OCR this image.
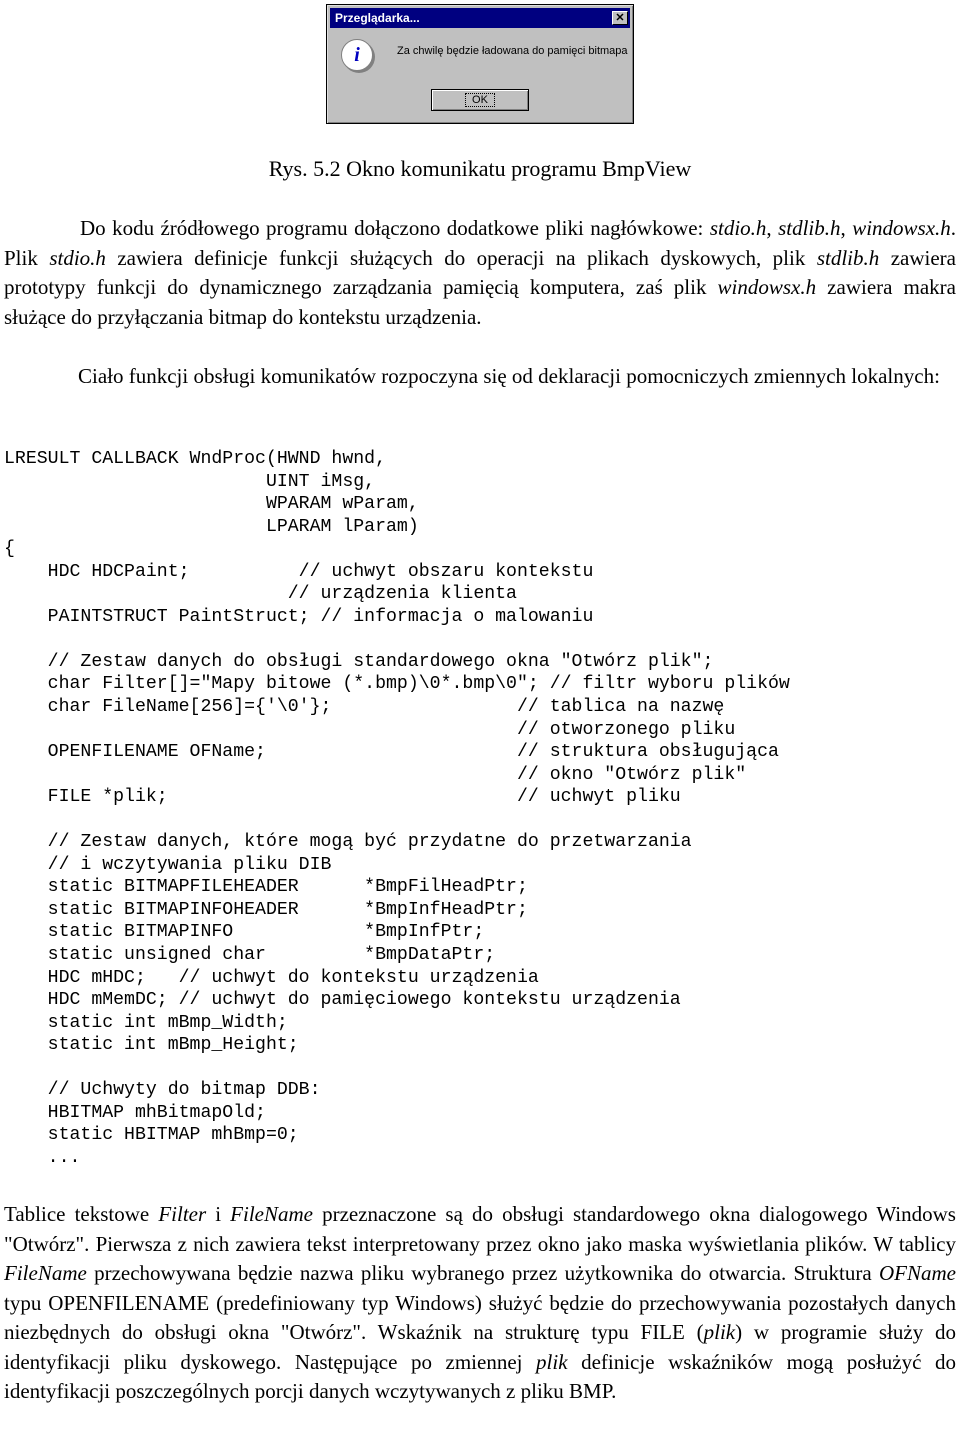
Przeglądarka...	✕
i	Za chwilę będzie ładowana do pamięci bitmapa
OK
Rys. 5.2 Okno komunikatu programu BmpView

Do kodu źródłowego programu dołączono dodatkowe pliki nagłówkowe: stdio.h, stdlib.h, windowsx.h. Plik stdio.h zawiera definicje funkcji służących do operacji na plikach dyskowych, plik stdlib.h zawiera prototypy funkcji do dynamicznego zarządzania pamięcią komputera, zaś plik windowsx.h zawiera makra służące do przyłączania bitmap do kontekstu urządzenia.

Ciało funkcji obsługi komunikatów rozpoczyna się od deklaracji pomocniczych zmiennych lokalnych:

LRESULT CALLBACK WndProc(HWND hwnd,
UINT iMsg,
WPARAM wParam,
LPARAM lParam)
{
HDC HDCPaint;          // uchwyt obszaru kontekstu
// urządzenia klienta
PAINTSTRUCT PaintStruct; // informacja o malowaniu

// Zestaw danych do obsługi standardowego okna "Otwórz plik";
char Filter[]="Mapy bitowe (*.bmp)\0*.bmp\0"; // filtr wyboru plików
char FileName[256]={'\0'};                 // tablica na nazwę
// otworzonego pliku
OPENFILENAME OFName;                       // struktura obsługująca
// okno "Otwórz plik"
FILE *plik;                                // uchwyt pliku

// Zestaw danych, które mogą być przydatne do przetwarzania
// i wczytywania pliku DIB
static BITMAPFILEHEADER      *BmpFilHeadPtr;
static BITMAPINFOHEADER      *BmpInfHeadPtr;
static BITMAPINFO            *BmpInfPtr;
static unsigned char         *BmpDataPtr;
HDC mHDC;   // uchwyt do kontekstu urządzenia
HDC mMemDC; // uchwyt do pamięciowego kontekstu urządzenia
static int mBmp_Width;
static int mBmp_Height;

// Uchwyty do bitmap DDB:
HBITMAP mhBitmapOld;
static HBITMAP mhBmp=0;
...

Tablice tekstowe Filter i FileName przeznaczone są do obsługi standardowego okna dialogowego Windows "Otwórz". Pierwsza z nich zawiera tekst interpretowany przez okno jako maska wyświetlania plików. W tablicy FileName przechowywana będzie nazwa pliku wybranego przez użytkownika do otwarcia. Struktura OFName typu OPENFILENAME (predefiniowany typ Windows) służyć będzie do przechowywania pozostałych danych niezbędnych do obsługi okna "Otwórz". Wskaźnik na strukturę typu FILE (plik) w programie służy do identyfikacji pliku dyskowego. Następujące po zmiennej plik definicje wskaźników mogą posłużyć do identyfikacji poszczególnych porcji danych wczytywanych z pliku BMP.
